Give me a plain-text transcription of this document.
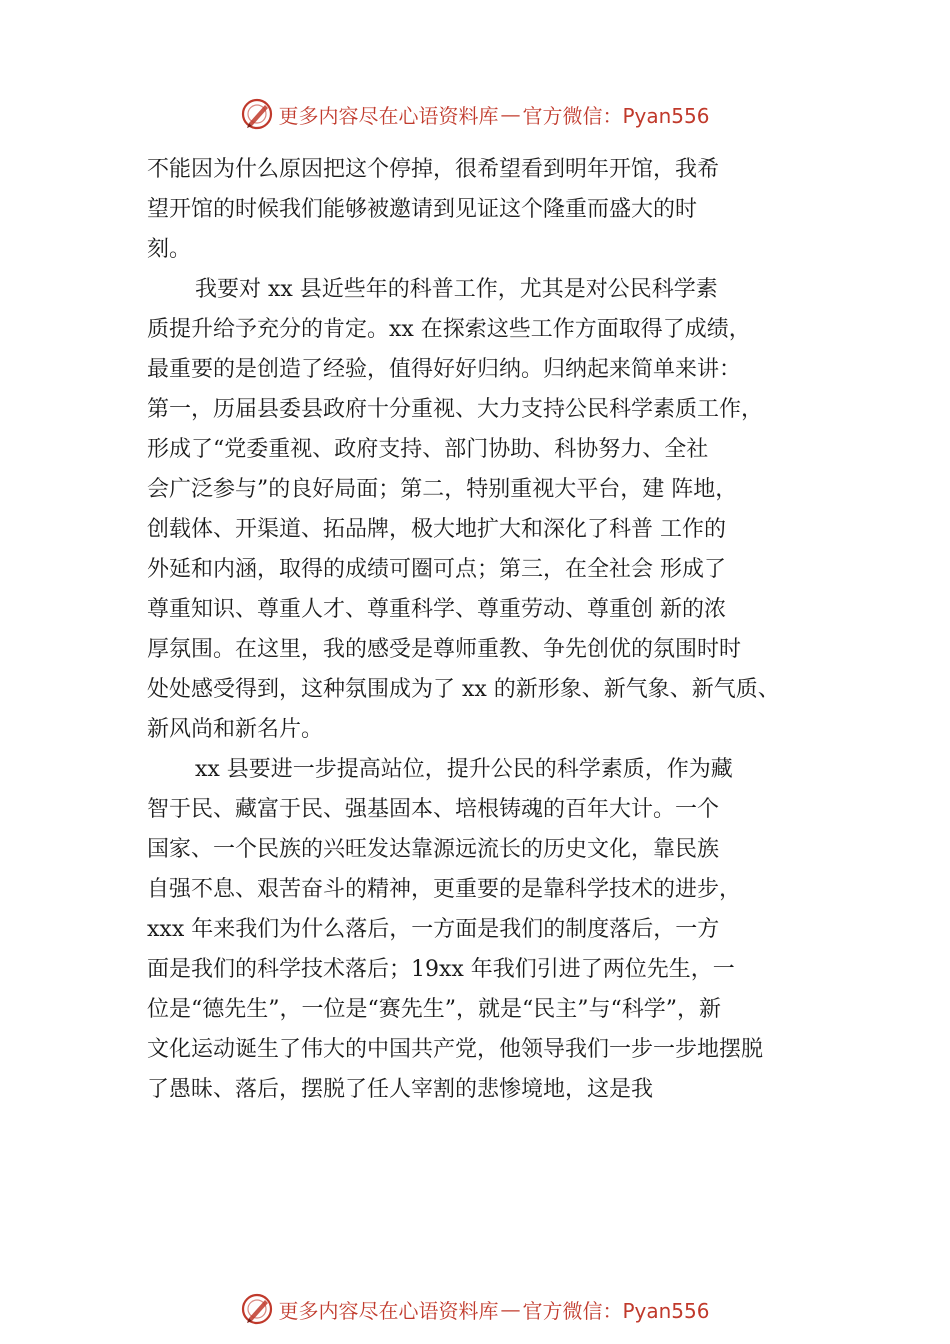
更多内容尽在心语资料库 — 官方微信：Pyan556

不能因为什么原因把这个停掉，很希望看到明年开馆，我希

望开馆的时候我们能够被邀请到见证这个隆重而盛大的时

刻。

我要对 xx 县近些年的科普工作，尤其是对公民科学素

质提升给予充分的肯定。xx 在探索这些工作方面取得了成绩，

最重要的是创造了经验，值得好好归纳。归纳起来简单来讲：

第一，历届县委县政府十分重视、大力支持公民科学素质工作，

形成了“党委重视、政府支持、部门协助、科协努力、全社

会广泛参与”的良好局面；第二，特别重视大平台，建 阵地，

创载体、开渠道、拓品牌，极大地扩大和深化了科普 工作的

外延和内涵，取得的成绩可圈可点；第三，在全社会 形成了

尊重知识、尊重人才、尊重科学、尊重劳动、尊重创 新的浓

厚氛围。在这里，我的感受是尊师重教、争先创优的氛围时时

处处感受得到，这种氛围成为了 xx 的新形象、新气象、新气质、

新风尚和新名片。

xx 县要进一步提高站位，提升公民的科学素质，作为藏

智于民、藏富于民、强基固本、培根铸魂的百年大计。一个

国家、一个民族的兴旺发达靠源远流长的历史文化，靠民族

自强不息、艰苦奋斗的精神，更重要的是靠科学技术的进步，

xxx 年来我们为什么落后，一方面是我们的制度落后，一方

面是我们的科学技术落后；19xx 年我们引进了两位先生，一

位是“德先生”，一位是“赛先生”，就是“民主”与“科学”，新

文化运动诞生了伟大的中国共产党，他领导我们一步一步地摆脱

了愚昧、落后，摆脱了任人宰割的悲惨境地，这是我

更多内容尽在心语资料库 — 官方微信：Pyan556
